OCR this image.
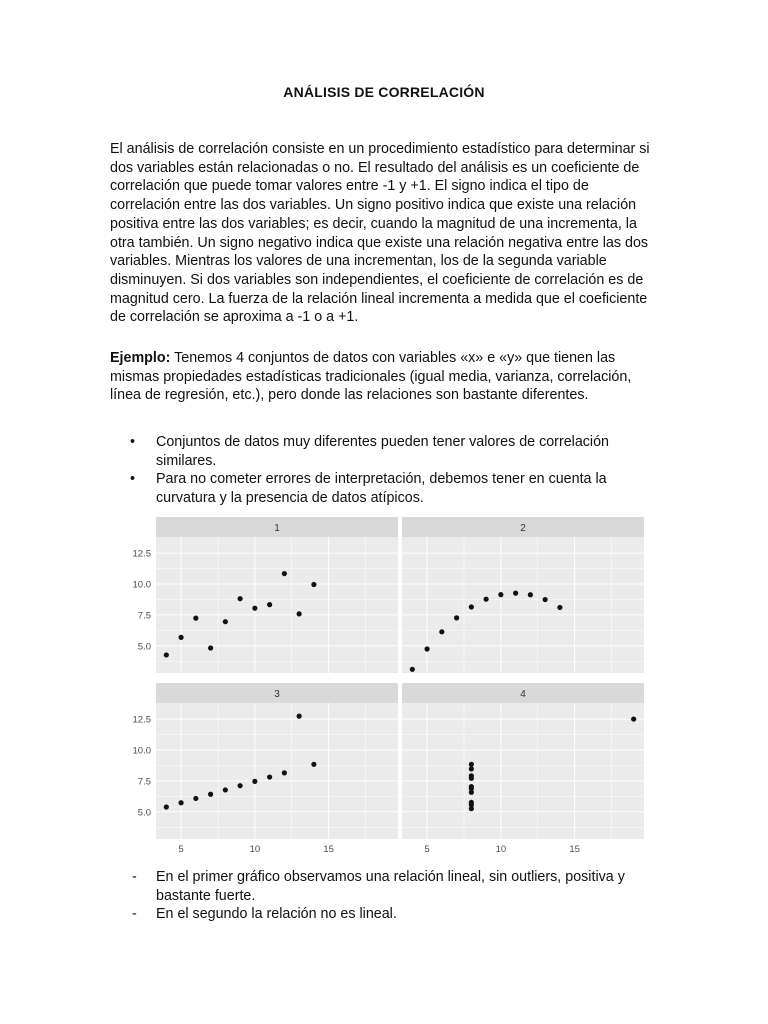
ANÁLISIS DE CORRELACIÓN

El análisis de correlación consiste en un procedimiento estadístico para determinar si dos variables están relacionadas o no. El resultado del análisis es un coeficiente de correlación que puede tomar valores entre -1 y +1. El signo indica el tipo de correlación entre las dos variables. Un signo positivo indica que existe una relación positiva entre las dos variables; es decir, cuando la magnitud de una incrementa, la otra también. Un signo negativo indica que existe una relación negativa entre las dos variables. Mientras los valores de una incrementan, los de la segunda variable disminuyen. Si dos variables son independientes, el coeficiente de correlación es de magnitud cero. La fuerza de la relación lineal incrementa a medida que el coeficiente de correlación se aproxima a -1 o a +1.

Ejemplo: Tenemos 4 conjuntos de datos con variables «x» e «y» que tienen las mismas propiedades estadísticas tradicionales (igual media, varianza, correlación, línea de regresión, etc.), pero donde las relaciones son bastante diferentes.

• Conjuntos de datos muy diferentes pueden tener valores de correlación similares.
• Para no cometer errores de interpretación, debemos tener en cuenta la curvatura y la presencia de datos atípicos.
1
12.5
10.0
7.5
5.0
2
3
12.5
10.0
7.5
5.0
5	10	15
4
5	10	15
- En el primer gráfico observamos una relación lineal, sin outliers, positiva y bastante fuerte.
- En el segundo la relación no es lineal.
